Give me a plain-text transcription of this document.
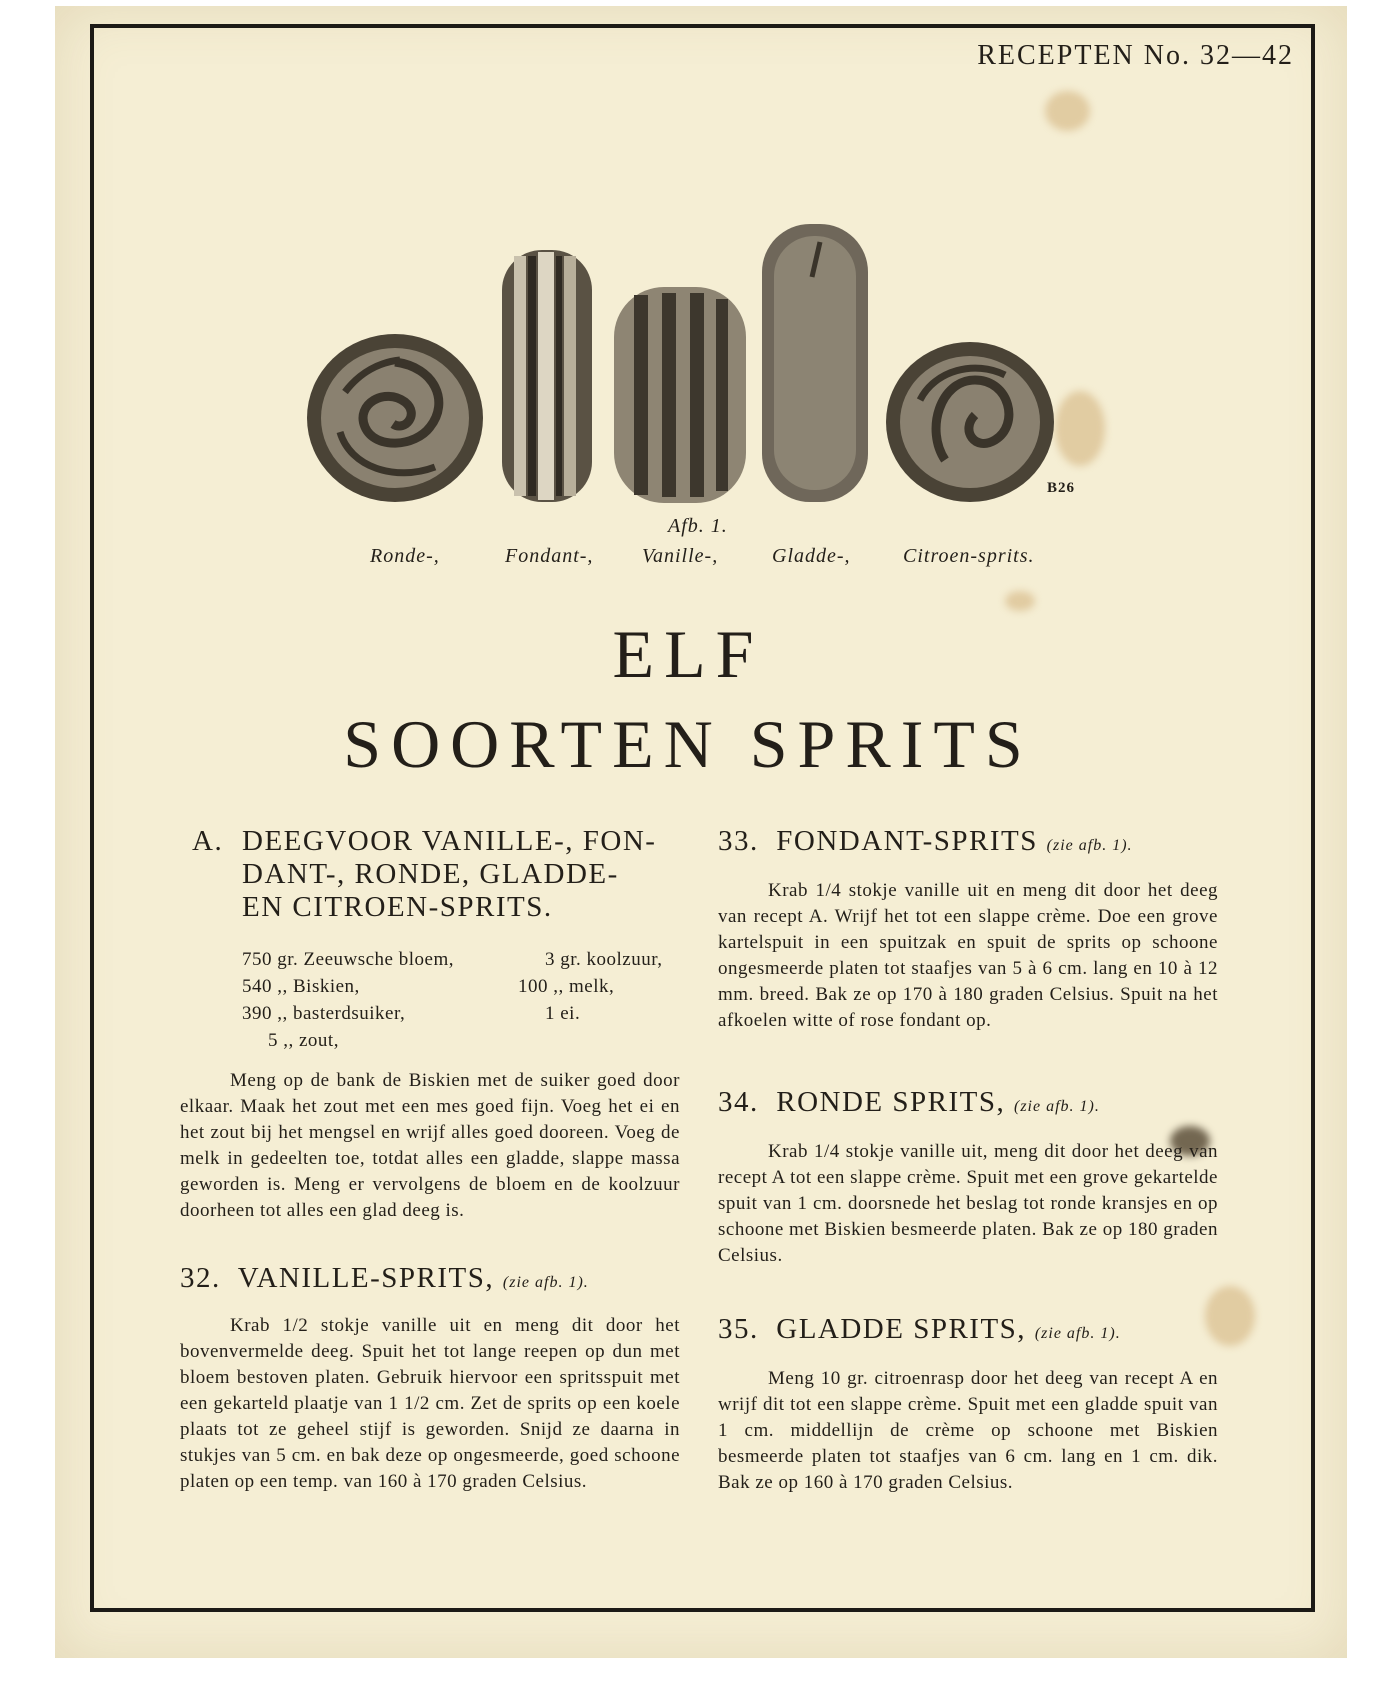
RECEPTEN No. 32—42
B26
Afb. 1.
Ronde-,	Fondant-, Vanille-,	Gladde-,	Citroen-sprits.
ELF
SOORTEN SPRITS
A. DEEGVOOR VANILLE-, FON-
DANT-, RONDE, GLADDE-
EN CITROEN-SPRITS.
750 gr. Zeeuwsche bloem,	3 gr. koolzuur,
540 ,, Biskien,	100 ,, melk,
390 ,, basterdsuiker,	1 ei.
5 ,, zout,

Meng op de bank de Biskien met de suiker goed door elkaar. Maak het zout met een mes goed fijn. Voeg het ei en het zout bij het mengsel en wrijf alles goed dooreen. Voeg de melk in gedeelten toe, totdat alles een gladde, slappe massa geworden is. Meng er vervolgens de bloem en de koolzuur doorheen tot alles een glad deeg is.

32. VANILLE-SPRITS, (zie afb. 1).

Krab 1/2 stokje vanille uit en meng dit door het bovenvermelde deeg. Spuit het tot lange reepen op dun met bloem bestoven platen. Gebruik hiervoor een spritsspuit met een gekarteld plaatje van 1 1/2 cm. Zet de sprits op een koele plaats tot ze geheel stijf is geworden. Snijd ze daarna in stukjes van 5 cm. en bak deze op ongesmeerde, goed schoone platen op een temp. van 160 à 170 graden Celsius.

33. FONDANT-SPRITS (zie afb. 1).

Krab 1/4 stokje vanille uit en meng dit door het deeg van recept A. Wrijf het tot een slappe crème. Doe een grove kartelspuit in een spuitzak en spuit de sprits op schoone ongesmeerde platen tot staafjes van 5 à 6 cm. lang en 10 à 12 mm. breed. Bak ze op 170 à 180 graden Celsius. Spuit na het afkoelen witte of rose fondant op.

34. RONDE SPRITS, (zie afb. 1).

Krab 1/4 stokje vanille uit, meng dit door het deeg van recept A tot een slappe crème. Spuit met een grove gekartelde spuit van 1 cm. doorsnede het beslag tot ronde kransjes en op schoone met Biskien besmeerde platen. Bak ze op 180 graden Celsius.

35. GLADDE SPRITS, (zie afb. 1).

Meng 10 gr. citroenrasp door het deeg van recept A en wrijf dit tot een slappe crème. Spuit met een gladde spuit van 1 cm. middellijn de crème op schoone met Biskien besmeerde platen tot staafjes van 6 cm. lang en 1 cm. dik. Bak ze op 160 à 170 graden Celsius.
